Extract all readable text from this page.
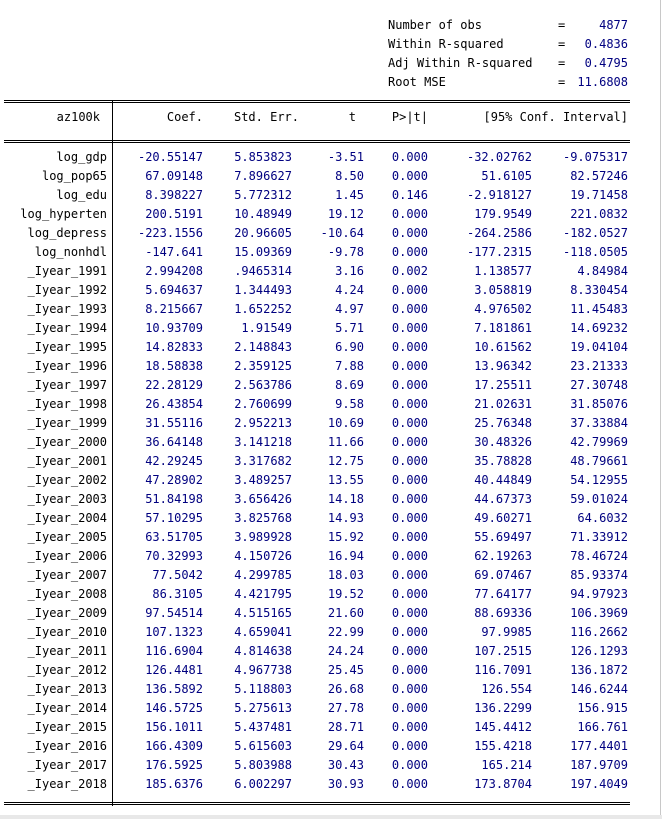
Number of obs	=	4877
Within R-squared	= 0.4836
Adj Within R-squared = 0.4795
Root MSE	= 11.6808
az100k	Coef.	Std. Err.	t	P>|t|	[95% Conf. Interval]
log_gdp	-20.55147	5.853823	-3.51 0.000	-32.02762	-9.075317
log_pop65	67.09148	7.896627	8.50 0.000	51.6105	82.57246
log_edu	8.398227	5.772312	1.45 0.146	-2.918127	19.71458
log_hyperten	200.5191	10.48949	19.12 0.000	179.9549	221.0832
log_depress	-223.1556	20.96605 -10.64 0.000	-264.2586	-182.0527
log_nonhdl	-147.641	15.09369	-9.78 0.000	-177.2315	-118.0505
_Iyear_1991	2.994208	.9465314	3.16 0.002	1.138577	4.84984
_Iyear_1992	5.694637	1.344493	4.24 0.000	3.058819	8.330454
_Iyear_1993	8.215667	1.652252	4.97 0.000	4.976502	11.45483
_Iyear_1994	10.93709	1.91549	5.71 0.000	7.181861	14.69232
_Iyear_1995	14.82833	2.148843	6.90 0.000	10.61562	19.04104
_Iyear_1996	18.58838	2.359125	7.88 0.000	13.96342	23.21333
_Iyear_1997	22.28129	2.563786	8.69 0.000	17.25511	27.30748
_Iyear_1998	26.43854	2.760699	9.58 0.000	21.02631	31.85076
_Iyear_1999	31.55116	2.952213	10.69 0.000	25.76348	37.33884
_Iyear_2000	36.64148	3.141218	11.66 0.000	30.48326	42.79969
_Iyear_2001	42.29245	3.317682	12.75 0.000	35.78828	48.79661
_Iyear_2002	47.28902	3.489257	13.55 0.000	40.44849	54.12955
_Iyear_2003	51.84198	3.656426	14.18 0.000	44.67373	59.01024
_Iyear_2004	57.10295	3.825768	14.93 0.000	49.60271	64.6032
_Iyear_2005	63.51705	3.989928	15.92 0.000	55.69497	71.33912
_Iyear_2006	70.32993	4.150726	16.94 0.000	62.19263	78.46724
_Iyear_2007	77.5042	4.299785	18.03 0.000	69.07467	85.93374
_Iyear_2008	86.3105	4.421795	19.52 0.000	77.64177	94.97923
_Iyear_2009	97.54514	4.515165	21.60 0.000	88.69336	106.3969
_Iyear_2010	107.1323	4.659041	22.99 0.000	97.9985	116.2662
_Iyear_2011	116.6904	4.814638	24.24 0.000	107.2515	126.1293
_Iyear_2012	126.4481	4.967738	25.45 0.000	116.7091	136.1872
_Iyear_2013	136.5892	5.118803	26.68 0.000	126.554	146.6244
_Iyear_2014	146.5725	5.275613	27.78 0.000	136.2299	156.915
_Iyear_2015	156.1011	5.437481	28.71 0.000	145.4412	166.761
_Iyear_2016	166.4309	5.615603	29.64 0.000	155.4218	177.4401
_Iyear_2017	176.5925	5.803988	30.43 0.000	165.214	187.9709
_Iyear_2018	185.6376	6.002297	30.93 0.000	173.8704	197.4049
